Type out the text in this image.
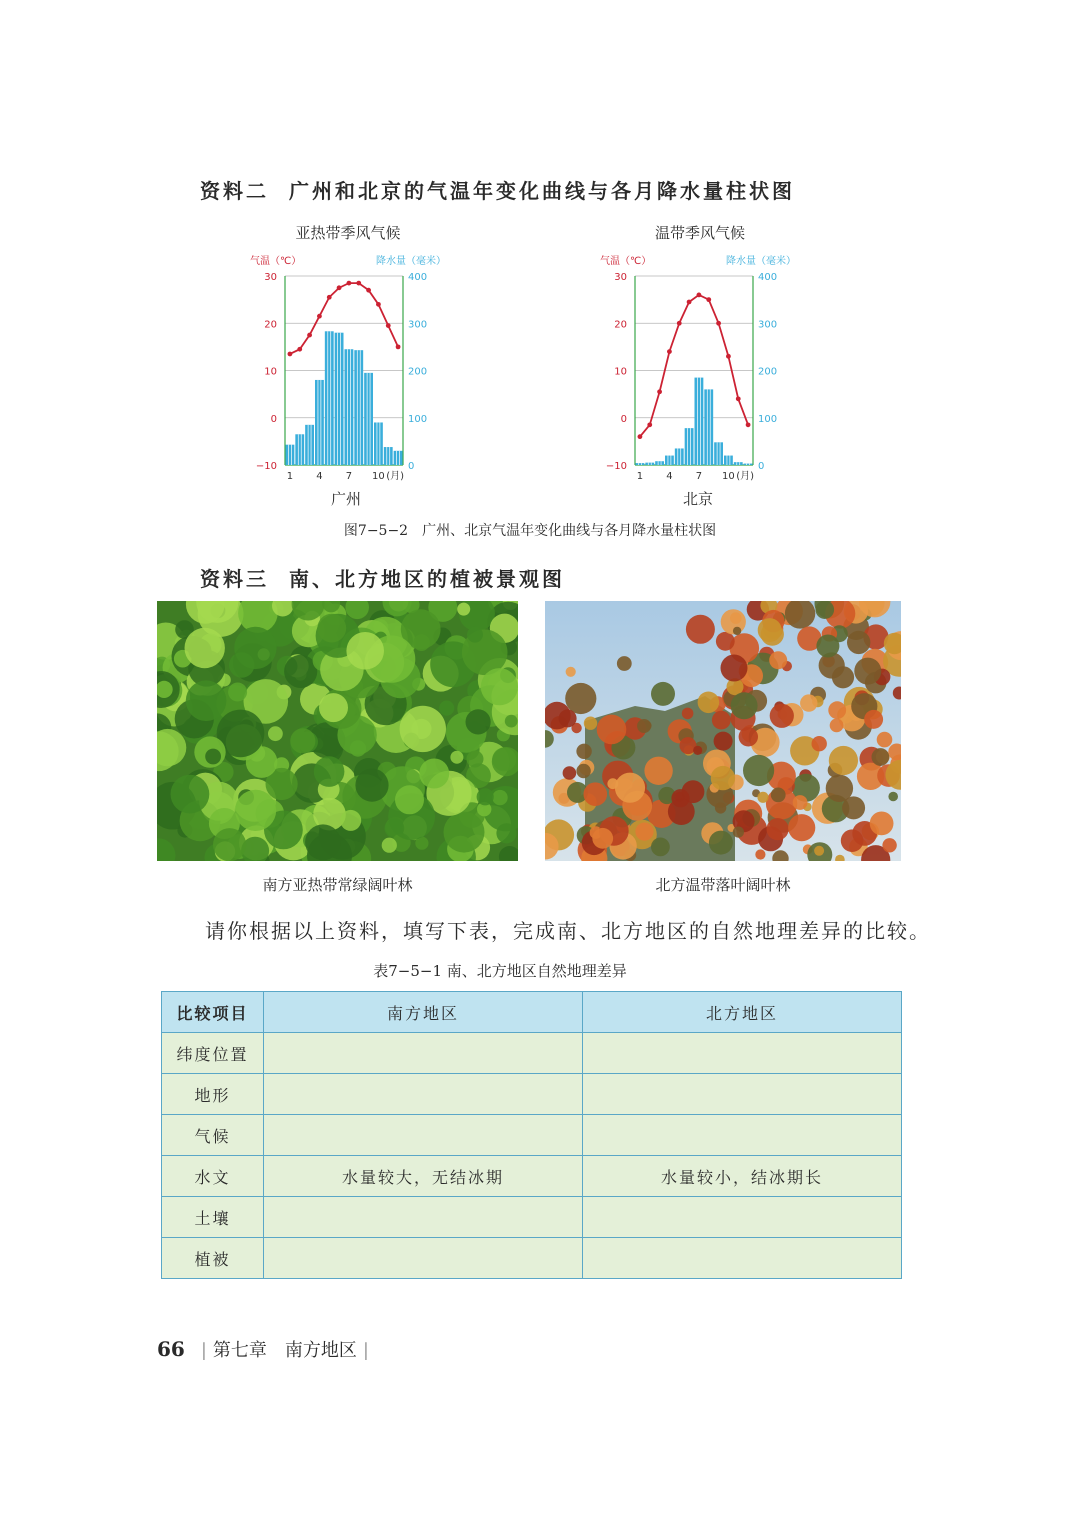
资料二 广州和北京的气温年变化曲线与各月降水量柱状图
亚热带季风气候	温带季风气候
气温（℃）	降水量（毫米）
30	400
20	300
10	200
0	100
−10	0
1 4 7 10 (月)
气温（℃）	降水量（毫米）
30	400
20	300
10	200
0	100
−10	0
1 4 7 10 (月)
广州	北京
图7−5−2　广州、北京气温年变化曲线与各月降水量柱状图
资料三 南、北方地区的植被景观图
南方亚热带常绿阔叶林	北方温带落叶阔叶林
请你根据以上资料，填写下表，完成南、北方地区的自然地理差异的比较。
表7−5−1 南、北方地区自然地理差异
比较项目	南方地区	北方地区
纬度位置		
地形		
气候		
水文	水量较大，无结冰期	水量较小，结冰期长
土壤		
植被		
66 | 第七章　南方地区 |
